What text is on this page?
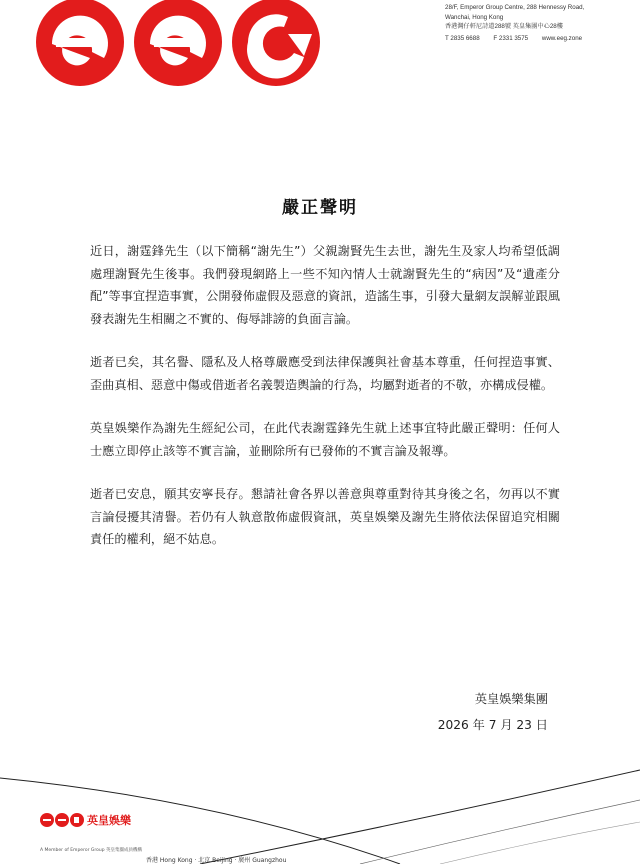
28/F, Emperor Group Centre, 288 Hennessy Road,
Wanchai, Hong Kong
香港灣仔軒尼詩道288號 英皇集團中心28樓
T 2835 6688 F 2331 3575 www.eeg.zone
嚴正聲明

近日，謝霆鋒先生（以下簡稱“謝先生”）父親謝賢先生去世，謝先生及家人均希望低調處理謝賢先生後事。我們發現網路上一些不知內情人士就謝賢先生的“病因”及“遺產分配”等事宜捏造事實，公開發佈虛假及惡意的資訊，造謠生事，引發大量網友誤解並跟風發表謝先生相關之不實的、侮辱誹謗的負面言論。

逝者已矣，其名譽、隱私及人格尊嚴應受到法律保護與社會基本尊重，任何捏造事實、歪曲真相、惡意中傷或借逝者名義製造輿論的行為，均屬對逝者的不敬，亦構成侵權。

英皇娛樂作為謝先生經紀公司，在此代表謝霆鋒先生就上述事宜特此嚴正聲明：任何人士應立即停止該等不實言論，並刪除所有已發佈的不實言論及報導。

逝者已安息，願其安寧長存。懇請社會各界以善意與尊重對待其身後之名，勿再以不實言論侵擾其清譽。若仍有人執意散佈虛假資訊，英皇娛樂及謝先生將依法保留追究相關責任的權利，絕不姑息。

英皇娛樂集團
2026 年 7 月 23 日
英皇娛樂
A Member of Emperor Group 英皇集團成員機構
香港 Hong Kong · 北京 Beijing · 廣州 Guangzhou
